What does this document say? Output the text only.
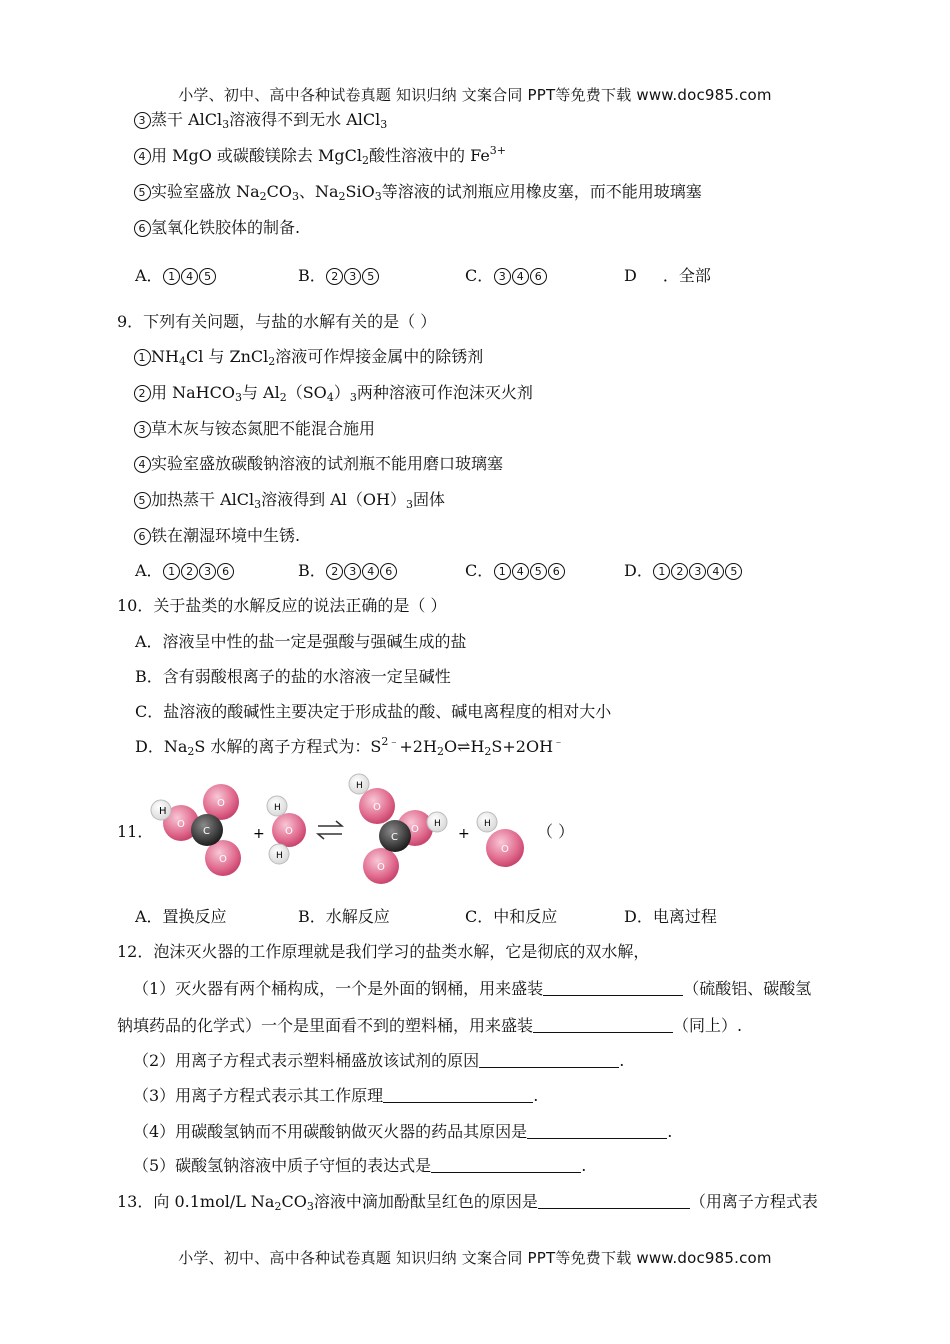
小学、初中、高中各种试卷真题 知识归纳 文案合同 PPT等免费下载 www.doc985.com
3 蒸干 AlCl$_3$溶液得不到无水 AlCl$_3$
4 用 MgO 或碳酸镁除去 MgCl$_2$酸性溶液中的 $Fe^{3+}$
5 实验室盛放 $Na_2CO_3$、$Na_2SiO_3$等溶液的试剂瓶应用橡皮塞，而不能用玻璃塞
6 氢氧化铁胶体的制备.
A． 1 4 5	B． 2 3 5	C． 3 4 6	D ．全部
9．下列有关问题，与盐的水解有关的是（ ）
1 $NH_4Cl$ 与 ZnCl$_2$溶液可作焊接金属中的除锈剂
2 用 NaHCO$_3$与 $Al_2(SO_4)_3$两种溶液可作泡沫灭火剂
3 草木灰与铵态氮肥不能混合施用
4 实验室盛放碳酸钠溶液的试剂瓶不能用磨口玻璃塞
5 加热蒸干 AlCl$_3$溶液得到 $Al(OH)_3$固体
6 铁在潮湿环境中生锈.
A． 1 2 3 6	B． 2 3 4 6	C． 1 4 5 6	D． 1 2 3 4 5
10．关于盐类的水解反应的说法正确的是（ ）
A．溶液呈中性的盐一定是强酸与强碱生成的盐
B．含有弱酸根离子的盐的水溶液一定呈碱性
C．盐溶液的酸碱性主要决定于形成盐的酸、碱电离程度的相对大小
D．$Na_2S$ 水解的离子方程式为：$S^{2﹣}+2H_2O\rightleftharpoons H_2S+2OH^﹣$
11．
H
O
O
O
C	+ O
H
H
H
O
O H
O
C	+
O
H	（ ）
A．置换反应	B．水解反应	C．中和反应	D．电离过程
12．泡沫灭火器的工作原理就是我们学习的盐类水解，它是彻底的双水解，
（1）灭火器有两个桶构成，一个是外面的钢桶，用来盛装	（硫酸铝、碳酸氢
钠填药品的化学式）一个是里面看不到的塑料桶，用来盛装	（同上）.
（2）用离子方程式表示塑料桶盛放该试剂的原因	.
（3）用离子方程式表示其工作原理	.
（4）用碳酸氢钠而不用碳酸钠做灭火器的药品其原因是	.
（5）碳酸氢钠溶液中质子守恒的表达式是	.
13．向 0.1mol/L $Na_2CO_3$溶液中滴加酚酞呈红色的原因是	（用离子方程式表
小学、初中、高中各种试卷真题 知识归纳 文案合同 PPT等免费下载 www.doc985.com
